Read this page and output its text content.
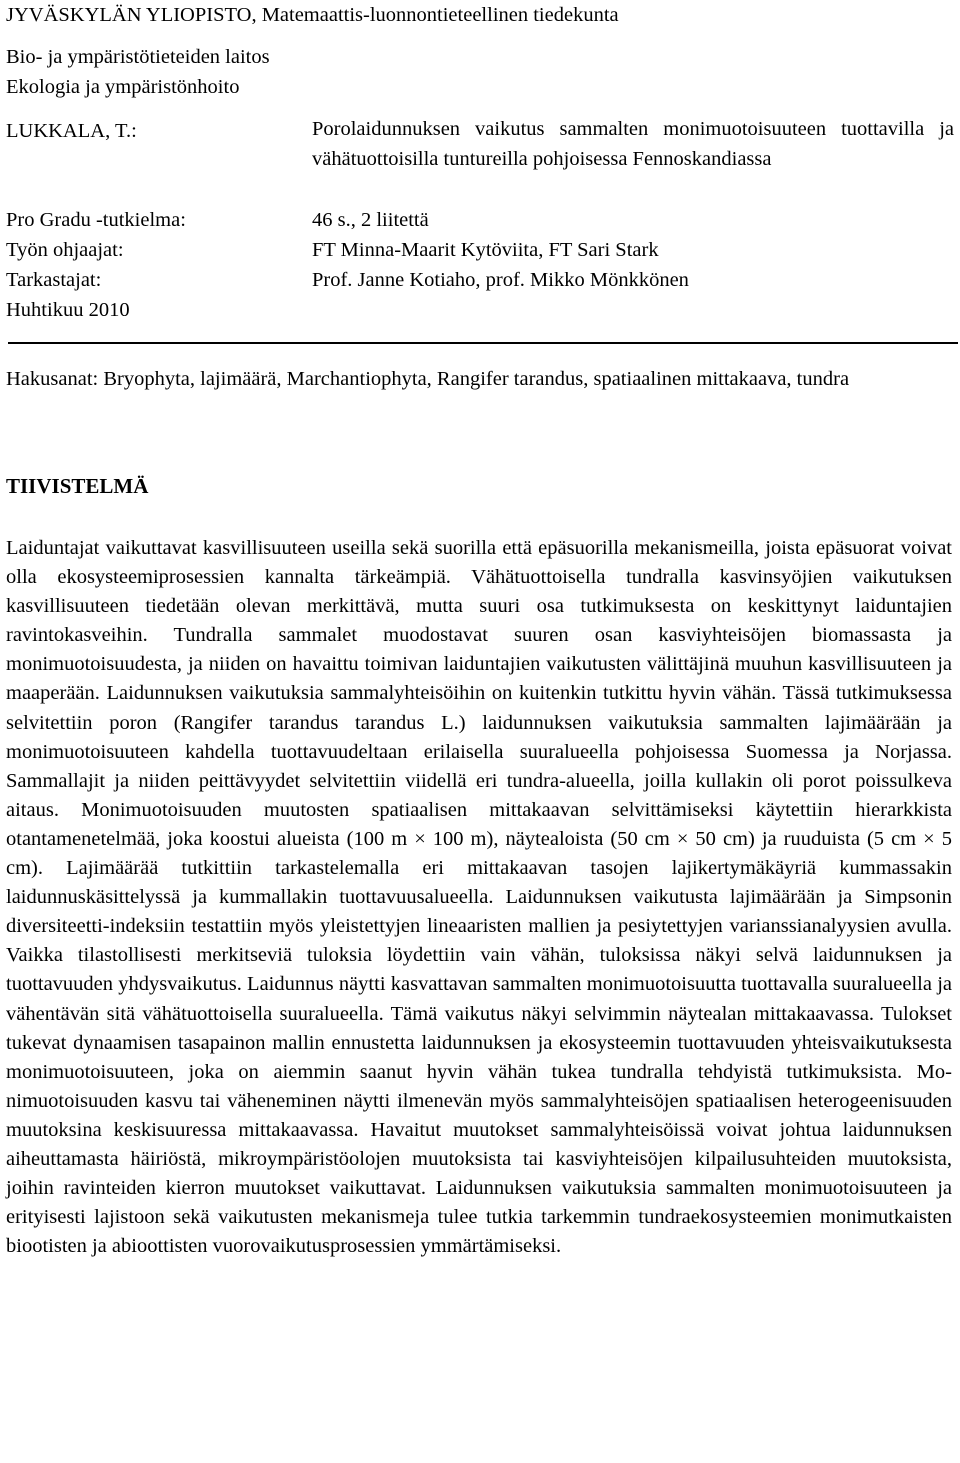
JYVÄSKYLÄN YLIOPISTO, Matemaattis-luonnontieteellinen tiedekunta
Bio- ja ympäristötieteiden laitos
Ekologia ja ympäristönhoito
LUKKALA, T.:	Porolaidunnuksen vaikutus sammalten monimuotoisuuteen tuottavilla ja vähätuottoisilla tuntureilla pohjoisessa Fennoskandiassa
Pro Gradu -tutkielma:	46 s., 2 liitettä
Työn ohjaajat:	FT Minna-Maarit Kytöviita, FT Sari Stark
Tarkastajat:	Prof. Janne Kotiaho, prof. Mikko Mönkkönen
Huhtikuu 2010
Hakusanat: Bryophyta, lajimäärä, Marchantiophyta, Rangifer tarandus, spatiaalinen mittakaava, tundra
TIIVISTELMÄ
Laiduntajat vaikuttavat kasvillisuuteen useilla sekä suorilla että epäsuorilla mekanismeilla, joista epäsuorat voivat olla ekosysteemiprosessien kannalta tärkeämpiä. Vähätuottoisella tundralla kasvinsyöjien vaikutuksen kasvillisuuteen tiedetään olevan merkittävä, mutta suuri osa tutkimuksesta on keskittynyt laiduntajien ravintokasveihin. Tundralla sammalet muodostavat suuren osan kasviyhteisöjen biomassasta ja monimuotoisuudesta, ja niiden on havaittu toimivan laiduntajien vaikutusten välittäjinä muuhun kasvillisuuteen ja maaperään. Laidunnuksen vaikutuksia sammalyhteisöihin on kuitenkin tutkittu hyvin vähän. Tässä tutkimuksessa selvitettiin poron (Rangifer tarandus tarandus L.) laidunnuksen vaikutuksia sammalten lajimäärään ja monimuotoisuuteen kahdella tuottavuudeltaan erilaisella suuralueella pohjoisessa Suomessa ja Norjassa. Sammallajit ja niiden peittävyydet selvitettiin viidellä eri tundra-alueella, joilla kullakin oli porot poissulkeva aitaus. Monimuotoisuuden muutosten spatiaalisen mittakaavan selvittämiseksi käytettiin hierarkkista otantamenetelmää, joka koostui alueista (100 m × 100 m), näytealoista (50 cm × 50 cm) ja ruuduista (5 cm × 5 cm). Lajimäärää tutkittiin tarkastelemalla eri mittakaavan tasojen lajikertymäkäyriä kummassakin laidunnuskäsittelyssä ja kummallakin tuottavuusalueella. Laidunnuksen vaikutusta lajimäärään ja Simpsonin diversiteetti-indeksiin testattiin myös yleistettyjen lineaaristen mallien ja pesiytettyjen varianssianalyysien avulla. Vaikka tilastollisesti merkitseviä tuloksia löydettiin vain vähän, tuloksissa näkyi selvä laidunnuksen ja tuottavuuden yhdysvaikutus. Laidunnus näytti kasvattavan sammalten monimuotoisuutta tuottavalla suuralueella ja vähentävän sitä vähätuottoisella suuralueella. Tämä vaikutus näkyi selvimmin näytealan mittakaavassa. Tulokset tukevat dynaamisen tasapainon mallin ennustetta laidunnuksen ja ekosysteemin tuottavuuden yhteisvaikutuksesta monimuotoisuuteen, joka on aiemmin saanut hyvin vähän tukea tundralla tehdyistä tutkimuksista. Monimuotoisuuden kasvu tai väheneminen näytti ilmenevän myös sammalyhteisöjen spatiaalisen heterogeenisuuden muutoksina keskisuuressa mittakaavassa. Havaitut muutokset sammalyhteisöissä voivat johtua laidunnuksen aiheuttamasta häiriöstä, mikroympäristöolojen muutoksista tai kasviyhteisöjen kilpailusuhteiden muutoksista, joihin ravinteiden kierron muutokset vaikuttavat. Laidunnuksen vaikutuksia sammalten monimuotoisuuteen ja erityisesti lajistoon sekä vaikutusten mekanismeja tulee tutkia tarkemmin tundraekosysteemien monimutkaisten biootisten ja abioottisten vuorovaikutusprosessien ymmärtämiseksi.
